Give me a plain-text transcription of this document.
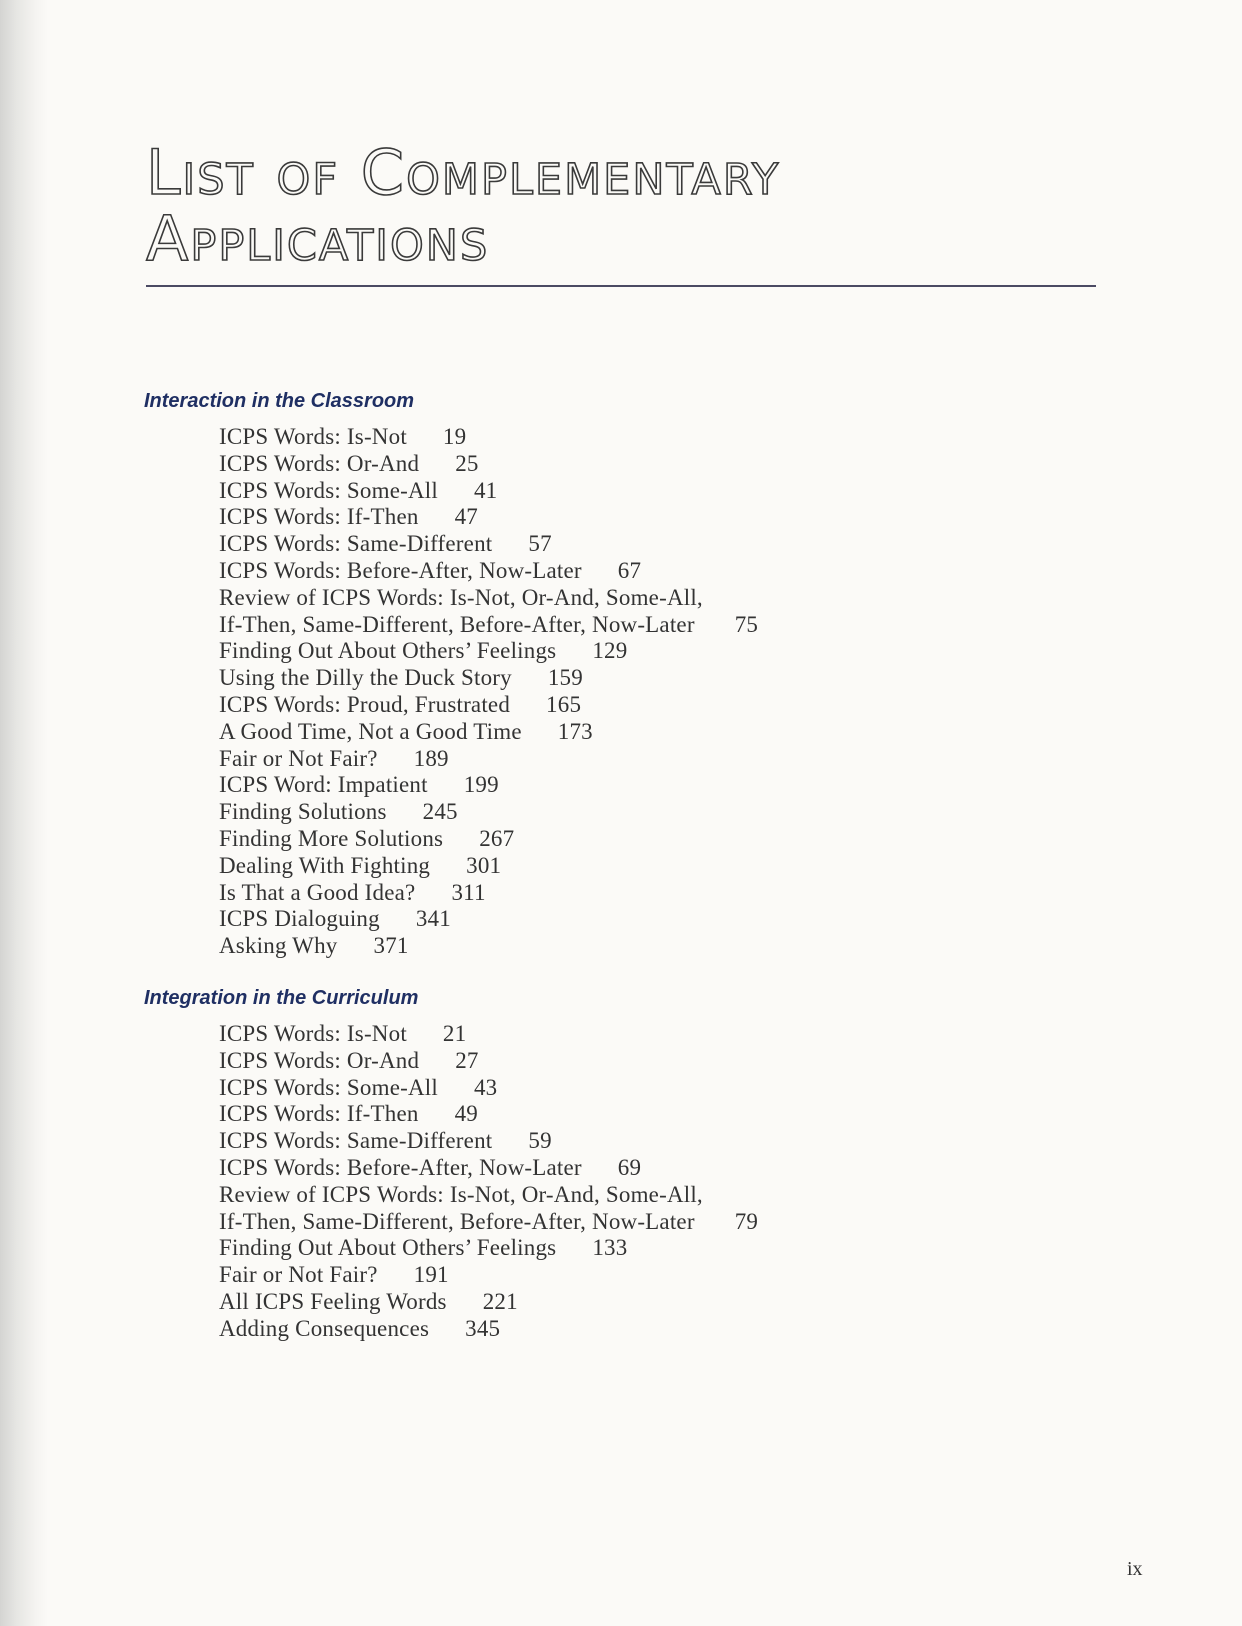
List of Complementary
Applications
Interaction in the Classroom
ICPS Words: Is-Not 19
ICPS Words: Or-And 25
ICPS Words: Some-All 41
ICPS Words: If-Then 47
ICPS Words: Same-Different 57
ICPS Words: Before-After, Now-Later 67
Review of ICPS Words: Is-Not, Or-And, Some-All,
If-Then, Same-Different, Before-After, Now-Later 75
Finding Out About Others’ Feelings 129
Using the Dilly the Duck Story 159
ICPS Words: Proud, Frustrated 165
A Good Time, Not a Good Time 173
Fair or Not Fair? 189
ICPS Word: Impatient 199
Finding Solutions 245
Finding More Solutions 267
Dealing With Fighting 301
Is That a Good Idea? 311
ICPS Dialoguing 341
Asking Why 371
Integration in the Curriculum
ICPS Words: Is-Not 21
ICPS Words: Or-And 27
ICPS Words: Some-All 43
ICPS Words: If-Then 49
ICPS Words: Same-Different 59
ICPS Words: Before-After, Now-Later 69
Review of ICPS Words: Is-Not, Or-And, Some-All,
If-Then, Same-Different, Before-After, Now-Later 79
Finding Out About Others’ Feelings 133
Fair or Not Fair? 191
All ICPS Feeling Words 221
Adding Consequences 345
ix
